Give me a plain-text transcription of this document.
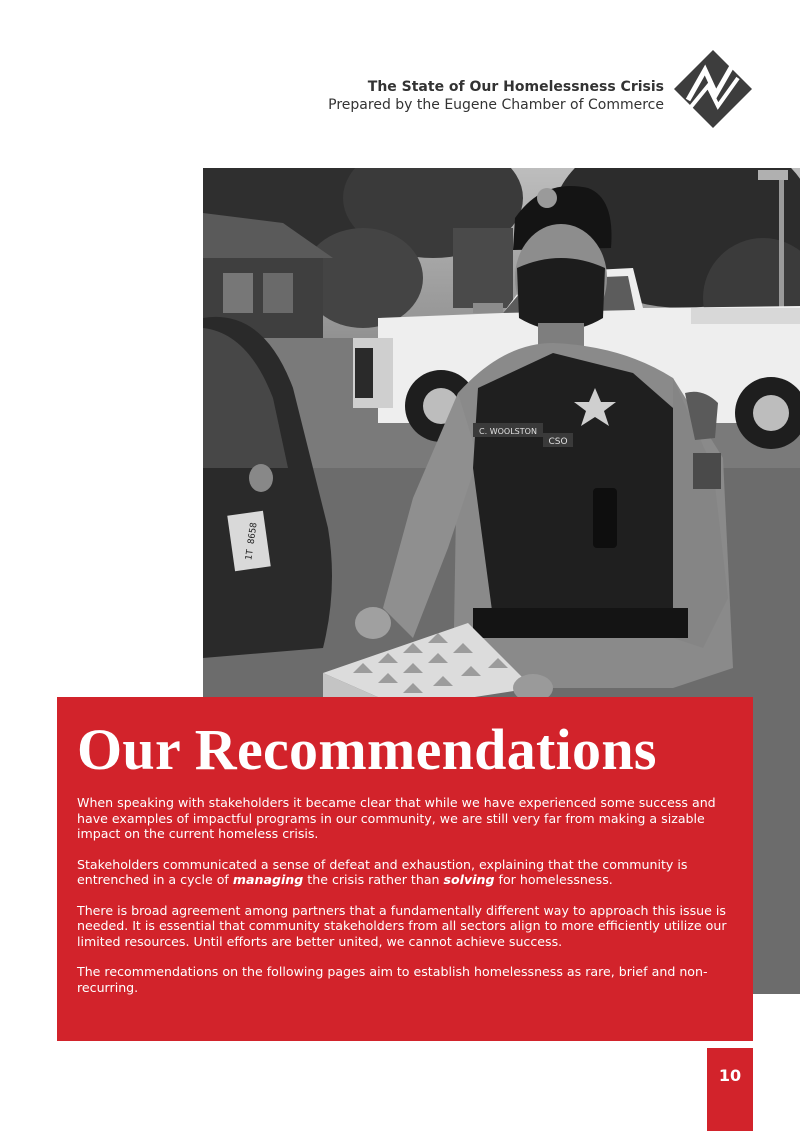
The State of Our Homelessness Crisis
Prepared by the Eugene Chamber of Commerce
1T 8658
C. WOOLSTON
CSO
Our Recommendations

When speaking with stakeholders it became clear that while we have experienced some success and have examples of impactful programs in our community, we are still very far from making a sizable impact on the current homeless crisis.

Stakeholders communicated a sense of defeat and exhaustion, explaining that the community is entrenched in a cycle of managing the crisis rather than solving for homelessness.

There is broad agreement among partners that a fundamentally different way to approach this issue is needed. It is essential that community stakeholders from all sectors align to more efficiently utilize our limited resources. Until efforts are better united, we cannot achieve success.

The recommendations on the following pages aim to establish homelessness as rare, brief and non-recurring.

10
